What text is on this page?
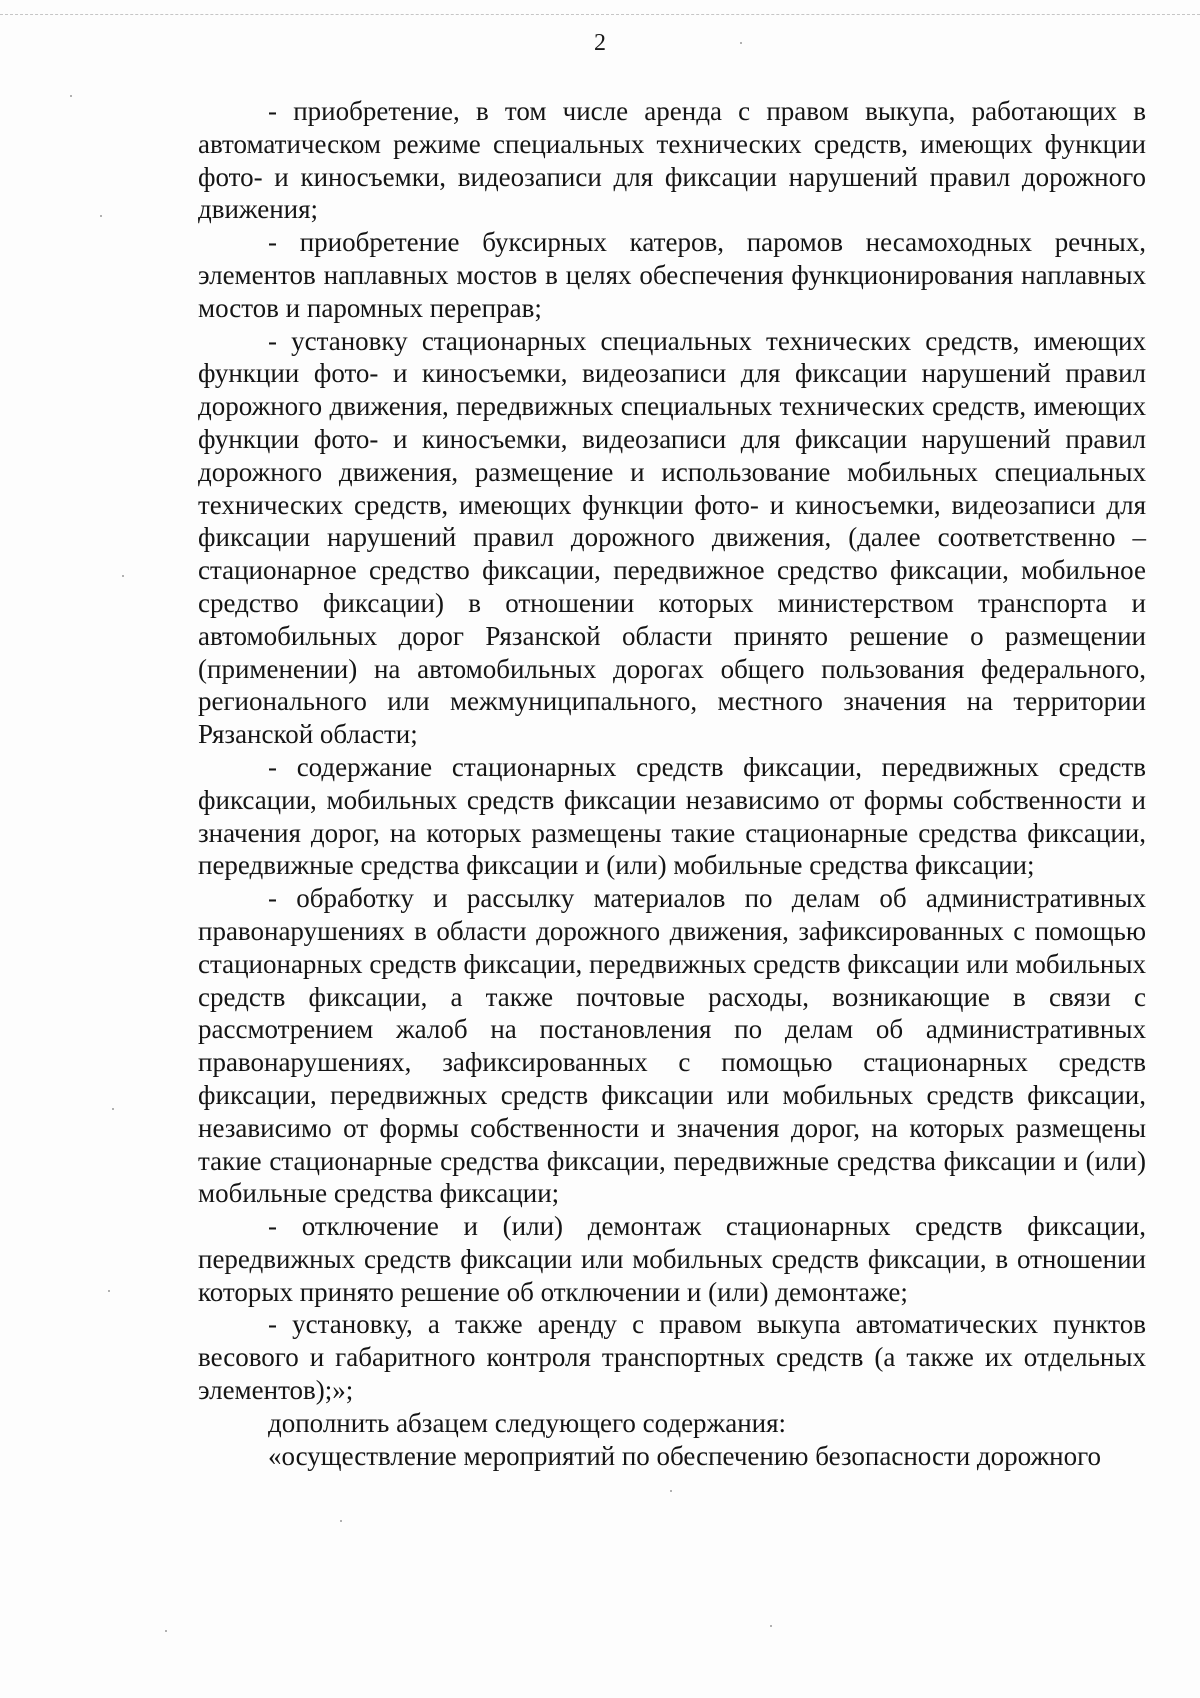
2

- приобретение, в том числе аренда с правом выкупа, работающих в автоматическом режиме специальных технических средств, имеющих функции фото- и киносъемки, видеозаписи для фиксации нарушений правил дорожного движения;

- приобретение буксирных катеров, паромов несамоходных речных, элементов наплавных мостов в целях обеспечения функционирования наплавных мостов и паромных переправ;

- установку стационарных специальных технических средств, имеющих функции фото- и киносъемки, видеозаписи для фиксации нарушений правил дорожного движения, передвижных специальных технических средств, имеющих функции фото- и киносъемки, видеозаписи для фиксации нарушений правил дорожного движения, размещение и использование мобильных специальных технических средств, имеющих функции фото- и киносъемки, видеозаписи для фиксации нарушений правил дорожного движения, (далее соответственно – стационарное средство фиксации, передвижное средство фиксации, мобильное средство фиксации) в отношении которых министерством транспорта и автомобильных дорог Рязанской области принято решение о размещении (применении) на автомобильных дорогах общего пользования федерального, регионального или межмуниципального, местного значения на территории Рязанской области;

- содержание стационарных средств фиксации, передвижных средств фиксации, мобильных средств фиксации независимо от формы собственности и значения дорог, на которых размещены такие стационарные средства фиксации, передвижные средства фиксации и (или) мобильные средства фиксации;

- обработку и рассылку материалов по делам об административных правонарушениях в области дорожного движения, зафиксированных с помощью стационарных средств фиксации, передвижных средств фиксации или мобильных средств фиксации, а также почтовые расходы, возникающие в связи с рассмотрением жалоб на постановления по делам об административных правонарушениях, зафиксированных с помощью стационарных средств фиксации, передвижных средств фиксации или мобильных средств фиксации, независимо от формы собственности и значения дорог, на которых размещены такие стационарные средства фиксации, передвижные средства фиксации и (или) мобильные средства фиксации;

- отключение и (или) демонтаж стационарных средств фиксации, передвижных средств фиксации или мобильных средств фиксации, в отношении которых принято решение об отключении и (или) демонтаже;

- установку, а также аренду с правом выкупа автоматических пунктов весового и габаритного контроля транспортных средств (а также их отдельных элементов);»;

дополнить абзацем следующего содержания:

«осуществление мероприятий по обеспечению безопасности дорожного
